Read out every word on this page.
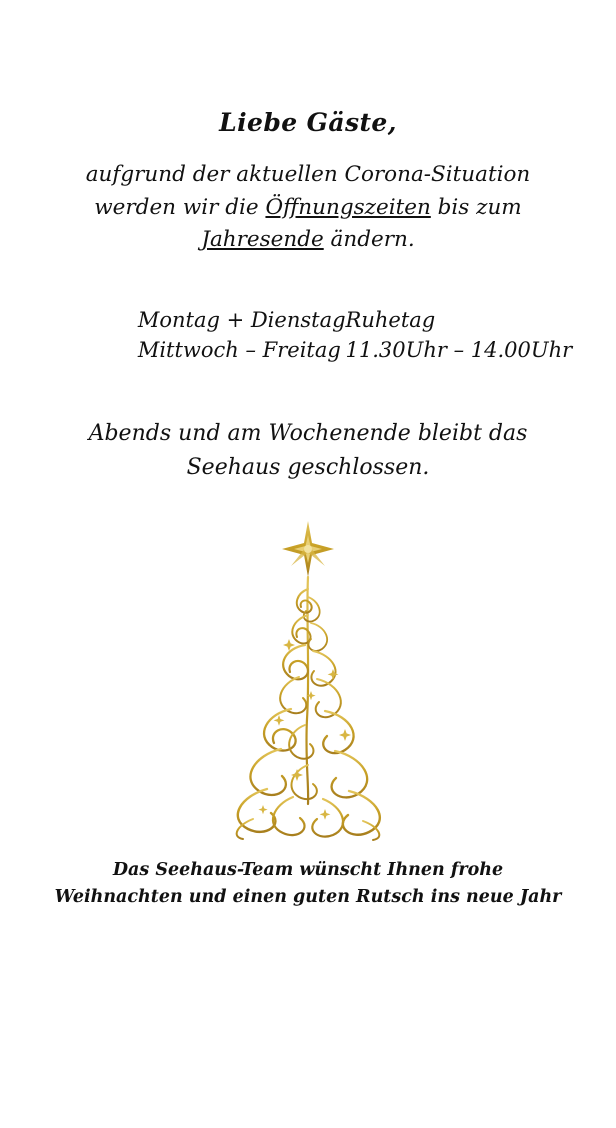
Liebe Gäste,
aufgrund der aktuellen Corona-Situation
werden wir die Öffnungszeiten bis zum
Jahresende ändern.
Montag + Dienstag	Ruhetag
Mittwoch – Freitag	11.30Uhr – 14.00Uhr
Abends und am Wochenende bleibt das
Seehaus geschlossen.
Das Seehaus-Team wünscht Ihnen frohe
Weihnachten und einen guten Rutsch ins neue Jahr
